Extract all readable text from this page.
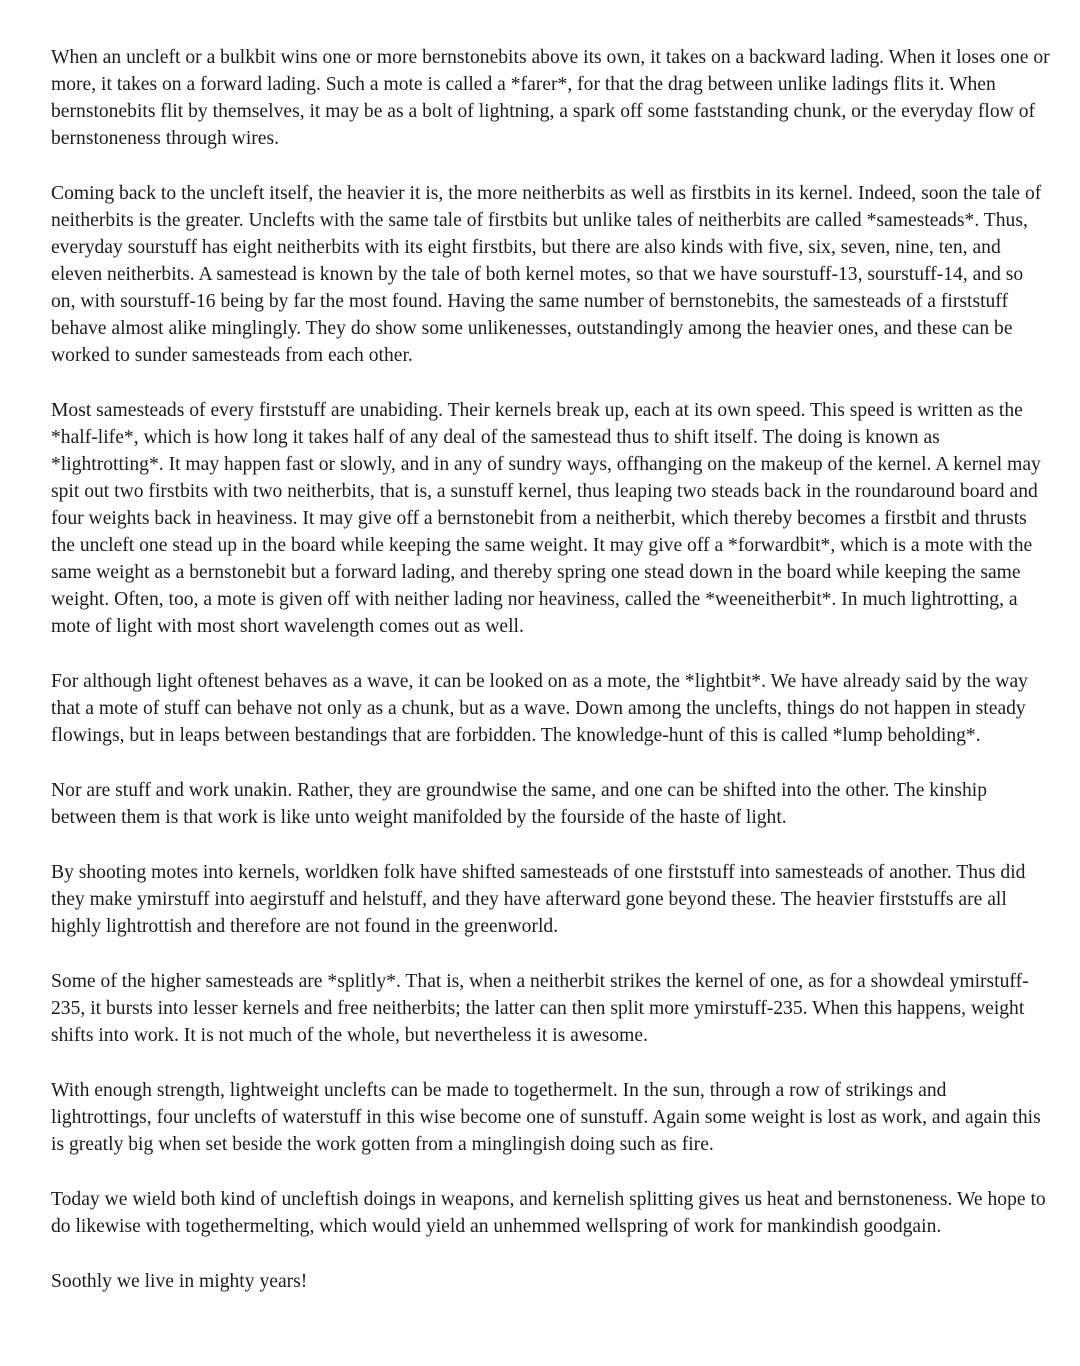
When an uncleft or a bulkbit wins one or more bernstonebits above its own, it takes on a backward lading. When it loses one or more, it takes on a forward lading. Such a mote is called a *farer*, for that the drag between unlike ladings flits it. When bernstonebits flit by themselves, it may be as a bolt of lightning, a spark off some faststanding chunk, or the everyday flow of bernstoneness through wires.

Coming back to the uncleft itself, the heavier it is, the more neitherbits as well as firstbits in its kernel. Indeed, soon the tale of neitherbits is the greater. Unclefts with the same tale of firstbits but unlike tales of neitherbits are called *samesteads*. Thus, everyday sourstuff has eight neitherbits with its eight firstbits, but there are also kinds with five, six, seven, nine, ten, and eleven neitherbits. A samestead is known by the tale of both kernel motes, so that we have sourstuff-13, sourstuff-14, and so on, with sourstuff-16 being by far the most found. Having the same number of bernstonebits, the samesteads of a firststuff behave almost alike minglingly. They do show some unlikenesses, outstandingly among the heavier ones, and these can be worked to sunder samesteads from each other.

Most samesteads of every firststuff are unabiding. Their kernels break up, each at its own speed. This speed is written as the *half-life*, which is how long it takes half of any deal of the samestead thus to shift itself. The doing is known as *lightrotting*. It may happen fast or slowly, and in any of sundry ways, offhanging on the makeup of the kernel. A kernel may spit out two firstbits with two neitherbits, that is, a sunstuff kernel, thus leaping two steads back in the roundaround board and four weights back in heaviness. It may give off a bernstonebit from a neitherbit, which thereby becomes a firstbit and thrusts the uncleft one stead up in the board while keeping the same weight. It may give off a *forwardbit*, which is a mote with the same weight as a bernstonebit but a forward lading, and thereby spring one stead down in the board while keeping the same weight. Often, too, a mote is given off with neither lading nor heaviness, called the *weeneitherbit*. In much lightrotting, a mote of light with most short wavelength comes out as well.

For although light oftenest behaves as a wave, it can be looked on as a mote, the *lightbit*. We have already said by the way that a mote of stuff can behave not only as a chunk, but as a wave. Down among the unclefts, things do not happen in steady flowings, but in leaps between bestandings that are forbidden. The knowledge-hunt of this is called *lump beholding*.

Nor are stuff and work unakin. Rather, they are groundwise the same, and one can be shifted into the other. The kinship between them is that work is like unto weight manifolded by the fourside of the haste of light.

By shooting motes into kernels, worldken folk have shifted samesteads of one firststuff into samesteads of another. Thus did they make ymirstuff into aegirstuff and helstuff, and they have afterward gone beyond these. The heavier firststuffs are all highly lightrottish and therefore are not found in the greenworld.

Some of the higher samesteads are *splitly*. That is, when a neitherbit strikes the kernel of one, as for a showdeal ymirstuff-235, it bursts into lesser kernels and free neitherbits; the latter can then split more ymirstuff-235. When this happens, weight shifts into work. It is not much of the whole, but nevertheless it is awesome.

With enough strength, lightweight unclefts can be made to togethermelt. In the sun, through a row of strikings and lightrottings, four unclefts of waterstuff in this wise become one of sunstuff. Again some weight is lost as work, and again this is greatly big when set beside the work gotten from a minglingish doing such as fire.

Today we wield both kind of uncleftish doings in weapons, and kernelish splitting gives us heat and bernstoneness. We hope to do likewise with togethermelting, which would yield an unhemmed wellspring of work for mankindish goodgain.

Soothly we live in mighty years!
